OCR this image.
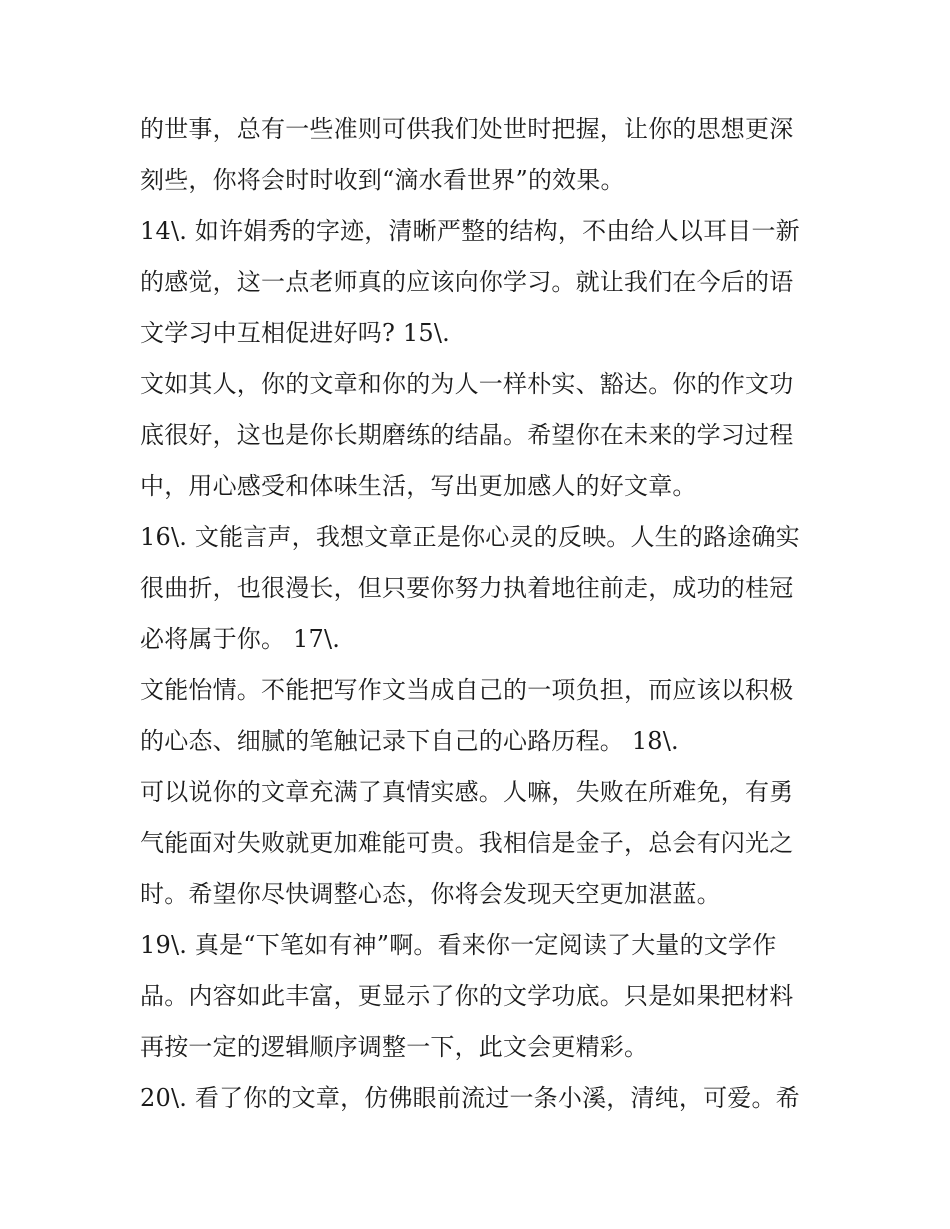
的世事，总有一些准则可供我们处世时把握，让你的思想更深
刻些，你将会时时收到“滴水看世界”的效果。
14\. 如许娟秀的字迹，清晰严整的结构，不由给人以耳目一新
的感觉，这一点老师真的应该向你学习。就让我们在今后的语
文学习中互相促进好吗? 15\.
文如其人，你的文章和你的为人一样朴实、豁达。你的作文功
底很好，这也是你长期磨练的结晶。希望你在未来的学习过程
中，用心感受和体味生活，写出更加感人的好文章。
16\. 文能言声，我想文章正是你心灵的反映。人生的路途确实
很曲折，也很漫长，但只要你努力执着地往前走，成功的桂冠
必将属于你。 17\.
文能怡情。不能把写作文当成自己的一项负担，而应该以积极
的心态、细腻的笔触记录下自己的心路历程。 18\.
可以说你的文章充满了真情实感。人嘛，失败在所难免，有勇
气能面对失败就更加难能可贵。我相信是金子，总会有闪光之
时。希望你尽快调整心态，你将会发现天空更加湛蓝。
19\. 真是“下笔如有神”啊。看来你一定阅读了大量的文学作
品。内容如此丰富，更显示了你的文学功底。只是如果把材料
再按一定的逻辑顺序调整一下，此文会更精彩。
20\. 看了你的文章，仿佛眼前流过一条小溪，清纯，可爱。希
